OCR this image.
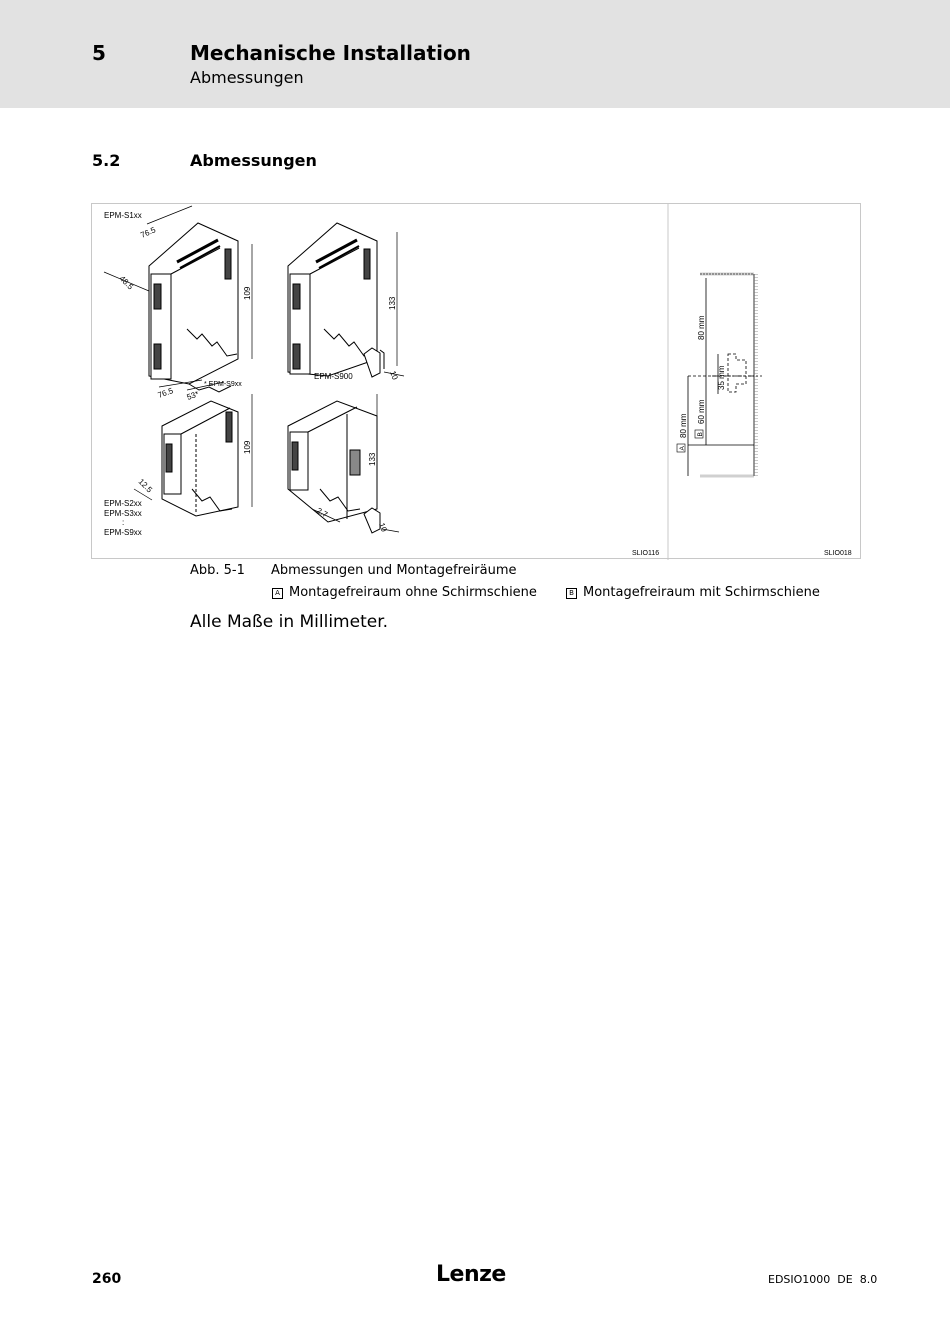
5	Mechanische Installation
Abmessungen
5.2	Abmessungen
EPM-S1xx
* EPM-S9xx
EPM-S900
EPM-S2xx
EPM-S3xx
:
EPM-S9xx
76.5
48.5
109
133
10
76.5 53*
109
12.5
133
2.7
10
SLIO116
80 mm
35 mm
60 mm
80 mm
A
B
SLIO018
Abb. 5-1 Abmessungen und Montagefreiräume
A Montagefreiraum ohne Schirmschiene	B Montagefreiraum mit Schirmschiene
Alle Maße in Millimeter.
260	Lenze	EDSIO1000  DE  8.0
